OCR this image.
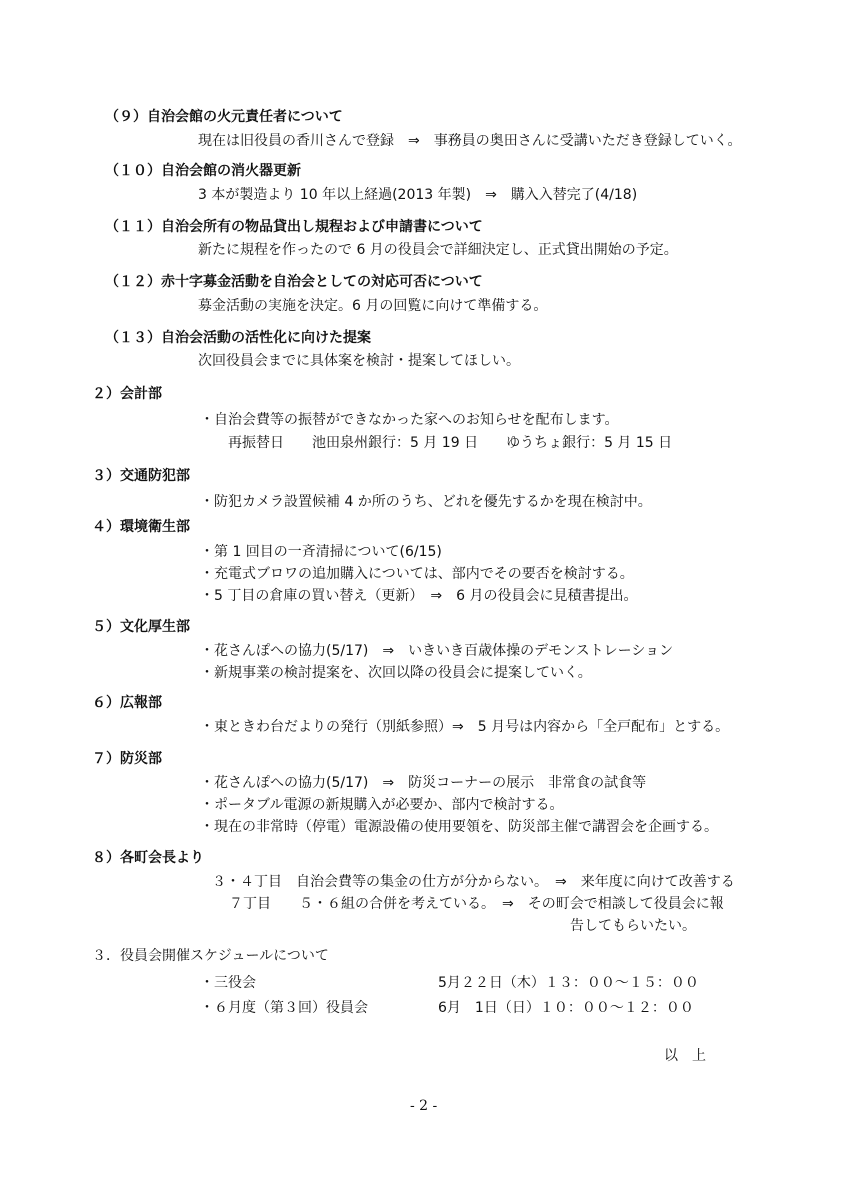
（９）自治会館の火元責任者について
現在は旧役員の香川さんで登録　⇒　事務員の奥田さんに受講いただき登録していく。
（１０）自治会館の消火器更新
3 本が製造より 10 年以上経過(2013 年製)　⇒　購入入替完了(4/18)
（１１）自治会所有の物品貸出し規程および申請書について
新たに規程を作ったので 6 月の役員会で詳細決定し、正式貸出開始の予定。
（１２）赤十字募金活動を自治会としての対応可否について
募金活動の実施を決定。6 月の回覧に向けて準備する。
（１３）自治会活動の活性化に向けた提案
次回役員会までに具体案を検討・提案してほしい。
２）会計部
・自治会費等の振替ができなかった家へのお知らせを配布します。
再振替日　　池田泉州銀行：5 月 19 日　　ゆうちょ銀行：5 月 15 日
３）交通防犯部
・防犯カメラ設置候補 4 か所のうち、どれを優先するかを現在検討中。
４）環境衛生部
・第 1 回目の一斉清掃について(6/15)
・充電式ブロワの追加購入については、部内でその要否を検討する。
・5 丁目の倉庫の買い替え（更新）　⇒　6 月の役員会に見積書提出。
５）文化厚生部
・花さんぽへの協力(5/17)　⇒　いきいき百歳体操のデモンストレーション
・新規事業の検討提案を、次回以降の役員会に提案していく。
６）広報部
・東ときわ台だよりの発行（別紙参照）⇒　5 月号は内容から「全戸配布」とする。
７）防災部
・花さんぽへの協力(5/17)　⇒　防災コーナーの展示　非常食の試食等
・ポータブル電源の新規購入が必要か、部内で検討する。
・現在の非常時（停電）電源設備の使用要領を、防災部主催で講習会を企画する。
８）各町会長より
３・４丁目　自治会費等の集金の仕方が分からない。　⇒　来年度に向けて改善する
７丁目　　５・６組の合併を考えている。　⇒　その町会で相談して役員会に報
告してもらいたい。
３．役員会開催スケジュールについて
・三役会	5月２２日（木）１３：００～１５：００
・６月度（第３回）役員会	6月　1日（日）１０：００～１２：００
以　上
- 2 -
